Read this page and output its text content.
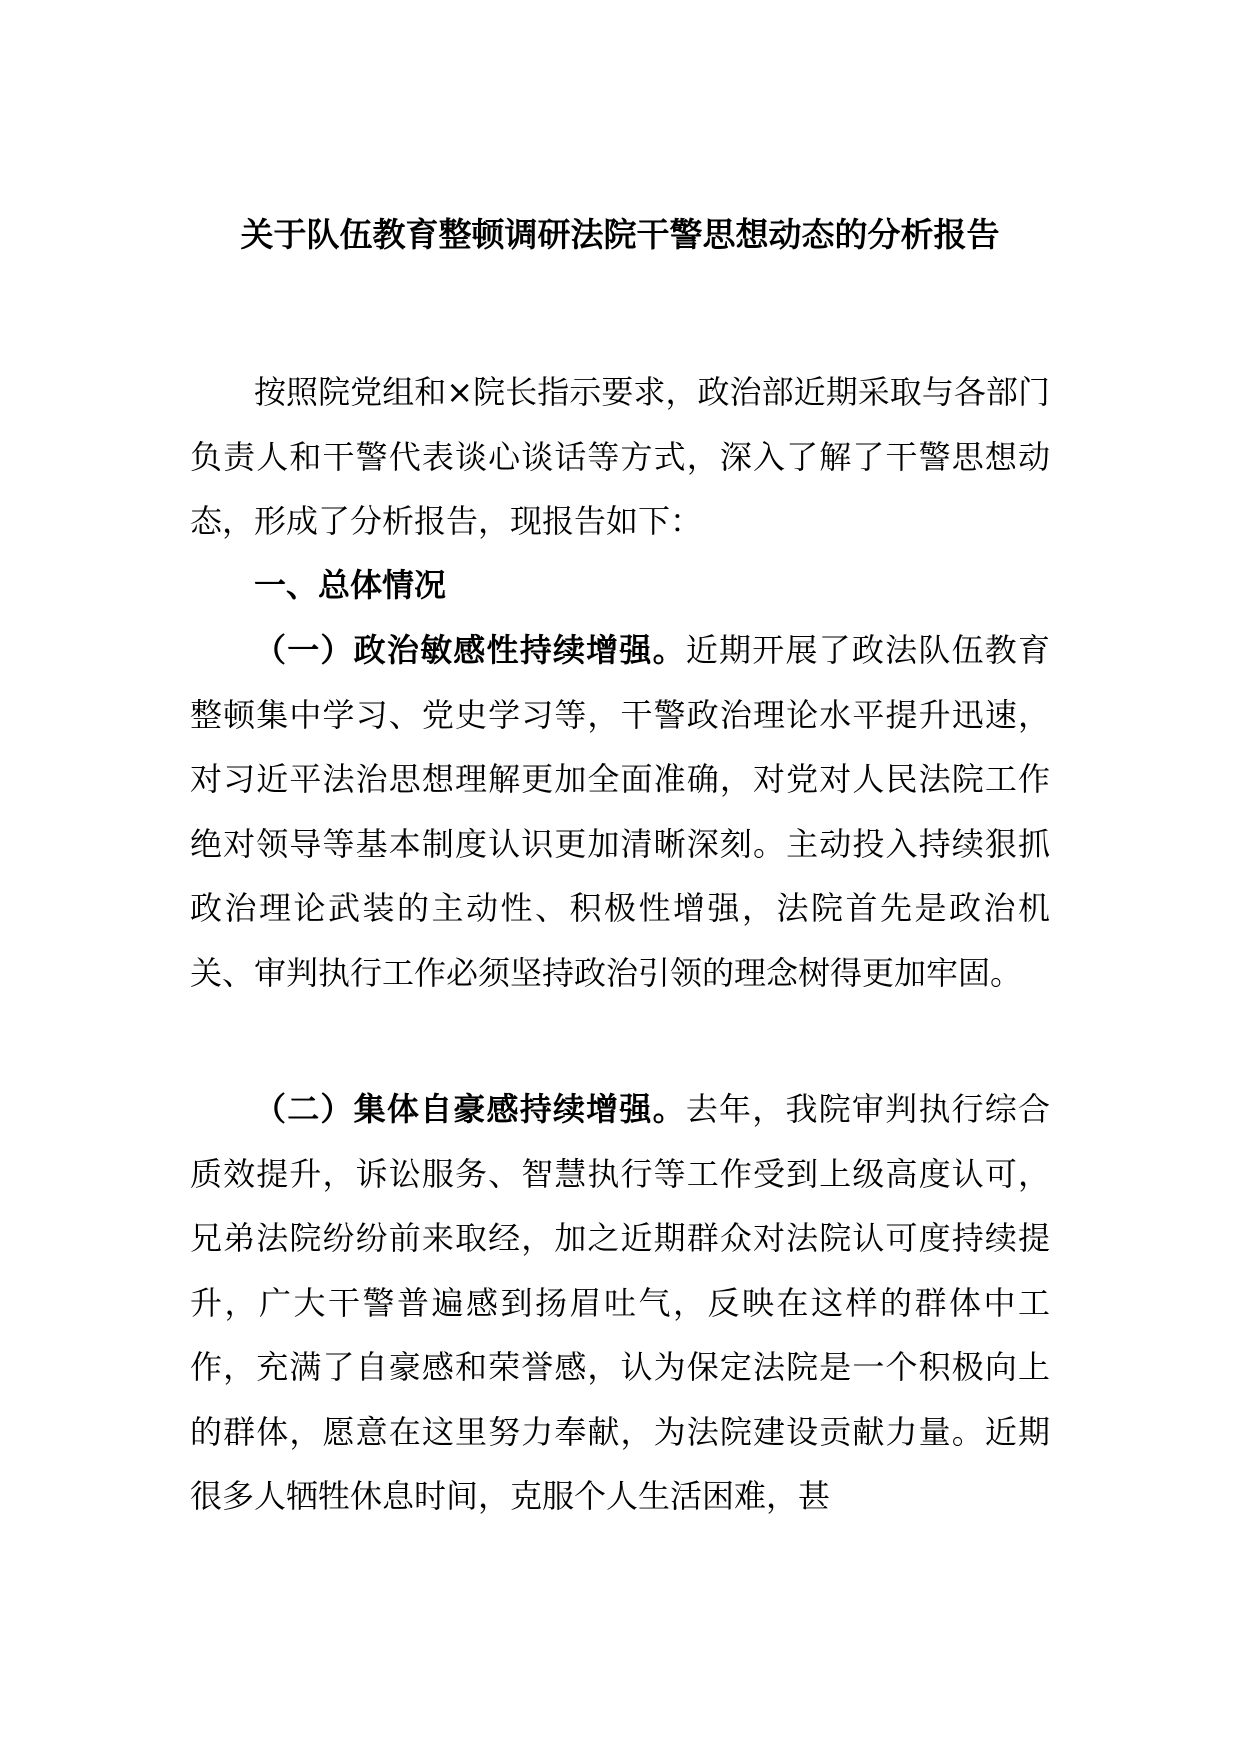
关于队伍教育整顿调研法院干警思想动态的分析报告
按照院党组和×院长指示要求，政治部近期采取与各部门负责人和干警代表谈心谈话等方式，深入了解了干警思想动态，形成了分析报告，现报告如下：
一、总体情况
（一）政治敏感性持续增强。近期开展了政法队伍教育整顿集中学习、党史学习等，干警政治理论水平提升迅速，对习近平法治思想理解更加全面准确，对党对人民法院工作绝对领导等基本制度认识更加清晰深刻。主动投入持续狠抓政治理论武装的主动性、积极性增强，法院首先是政治机关、审判执行工作必须坚持政治引领的理念树得更加牢固。
（二）集体自豪感持续增强。去年，我院审判执行综合质效提升，诉讼服务、智慧执行等工作受到上级高度认可，兄弟法院纷纷前来取经，加之近期群众对法院认可度持续提升，广大干警普遍感到扬眉吐气，反映在这样的群体中工作，充满了自豪感和荣誉感，认为保定法院是一个积极向上的群体，愿意在这里努力奉献，为法院建设贡献力量。近期很多人牺牲休息时间，克服个人生活困难，甚
